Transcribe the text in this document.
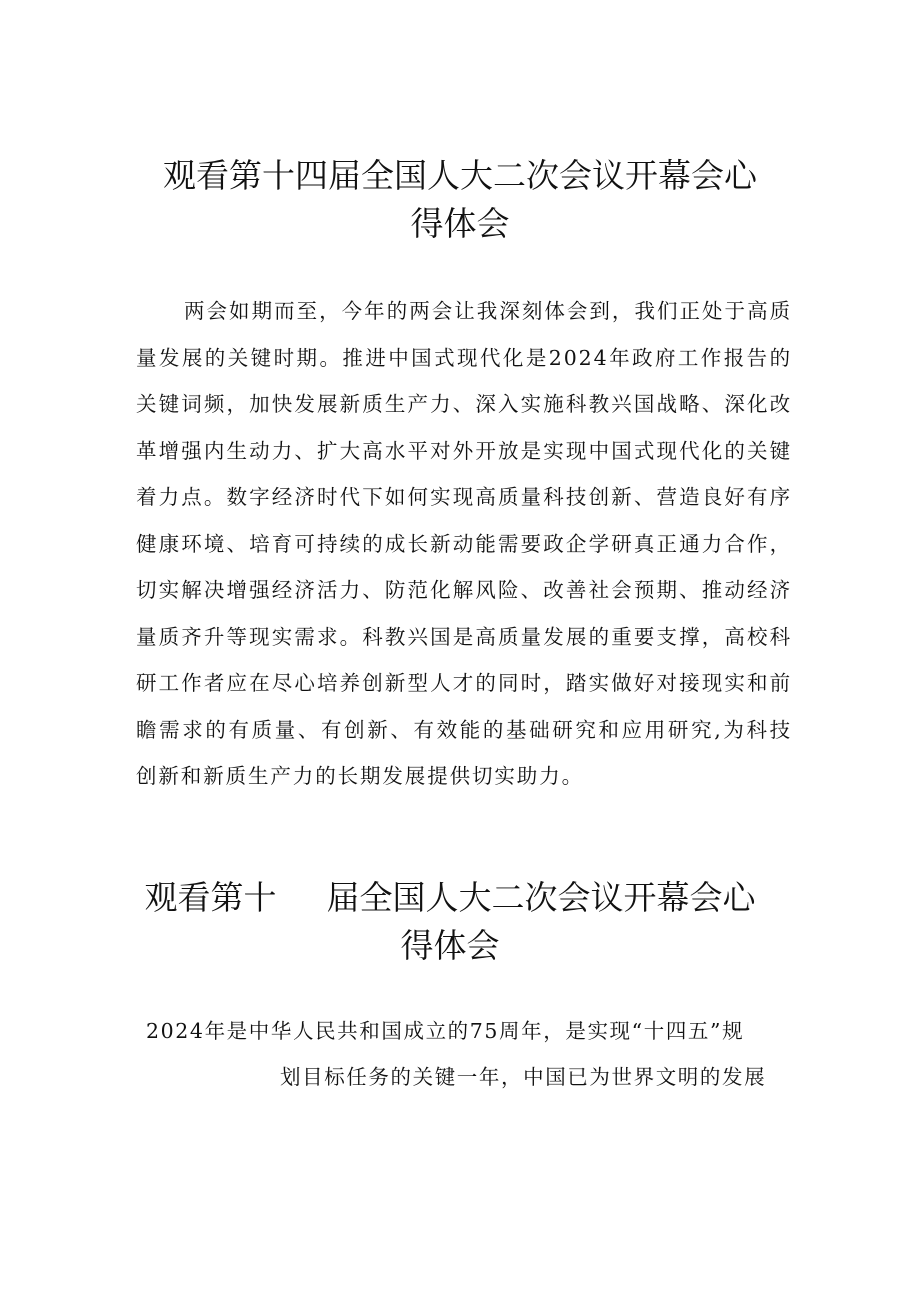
观看第十四届全国人大二次会议开幕会心
得体会

两会如期而至，今年的两会让我深刻体会到，我们正处于高质量发展的关键时期。推进中国式现代化是2024年政府工作报告的关键词频，加快发展新质生产力、深入实施科教兴国战略、深化改革增强内生动力、扩大高水平对外开放是实现中国式现代化的关键着力点。数字经济时代下如何实现高质量科技创新、营造良好有序健康环境、培育可持续的成长新动能需要政企学研真正通力合作，切实解决增强经济活力、防范化解风险、改善社会预期、推动经济量质齐升等现实需求。科教兴国是高质量发展的重要支撑，高校科研工作者应在尽心培养创新型人才的同时，踏实做好对接现实和前瞻需求的有质量、有创新、有效能的基础研究和应用研究,为科技创新和新质生产力的长期发展提供切实助力。

观看第十 届全国人大二次会议开幕会心
得体会

2024年是中华人民共和国成立的75周年，是实现“十四五”规

划目标任务的关键一年，中国已为世界文明的发展
